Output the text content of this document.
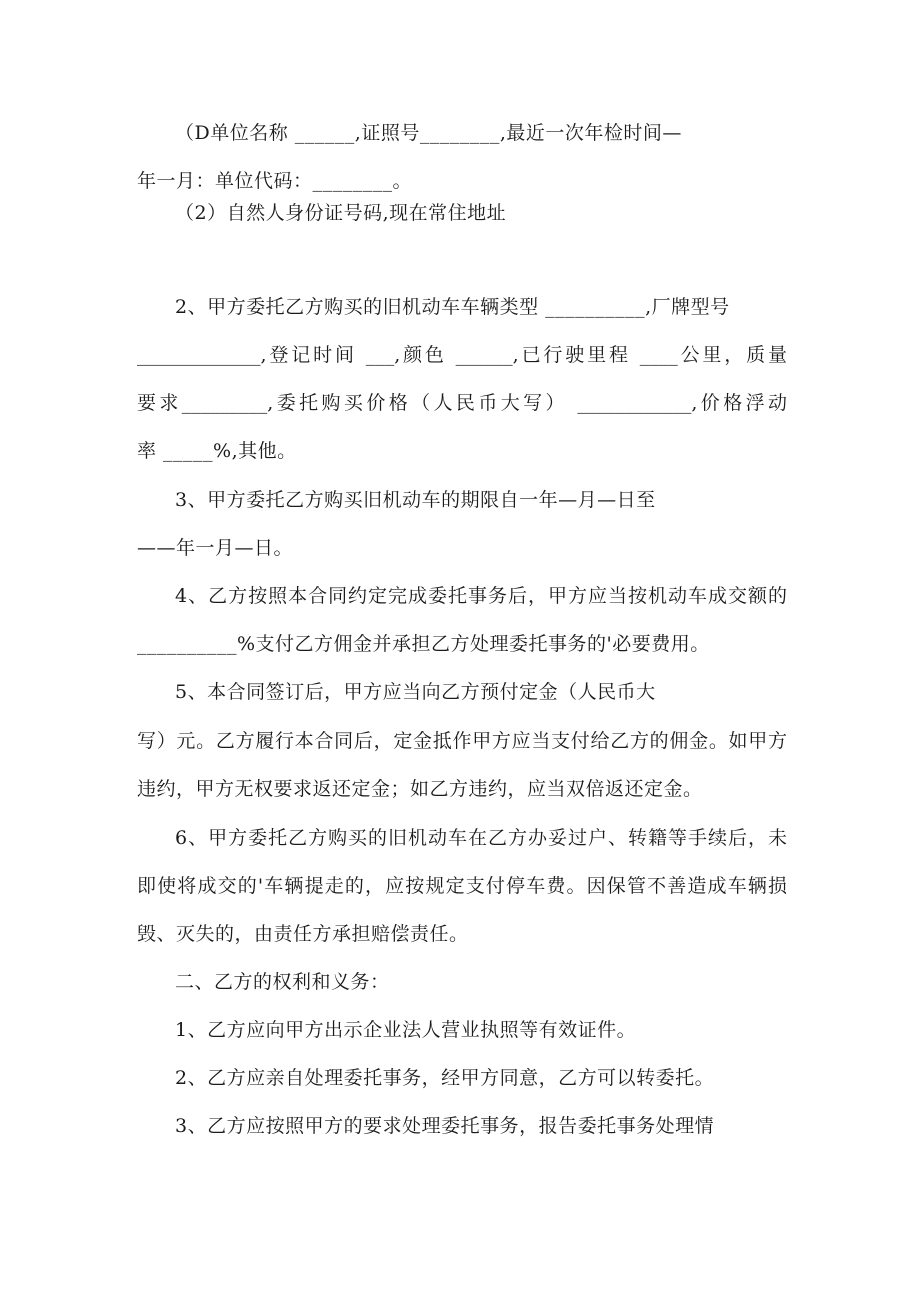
（D单位名称 ______,证照号________,最近一次年检时间—
年一月：单位代码：________。
（2）自然人身份证号码,现在常住地址
2、甲方委托乙方购买的旧机动车车辆类型 __________,厂牌型号
_____________,登记时间 ___,颜色 ______,已行驶里程 ____公里，质量
要求_________,委托购买价格（人民币大写） ____________,价格浮动
率 _____%,其他。
3、甲方委托乙方购买旧机动车的期限自一年—月—日至
——年一月—日。
4、乙方按照本合同约定完成委托事务后，甲方应当按机动车成交额的
__________%支付乙方佣金并承担乙方处理委托事务的'必要费用。
5、本合同签订后，甲方应当向乙方预付定金（人民币大
写）元。乙方履行本合同后，定金抵作甲方应当支付给乙方的佣金。如甲方
违约，甲方无权要求返还定金；如乙方违约，应当双倍返还定金。
6、甲方委托乙方购买的旧机动车在乙方办妥过户、转籍等手续后，未
即使将成交的'车辆提走的，应按规定支付停车费。因保管不善造成车辆损
毁、灭失的，由责任方承担赔偿责任。
二、乙方的权利和义务：
1、乙方应向甲方出示企业法人营业执照等有效证件。
2、乙方应亲自处理委托事务，经甲方同意，乙方可以转委托。
3、乙方应按照甲方的要求处理委托事务，报告委托事务处理情
